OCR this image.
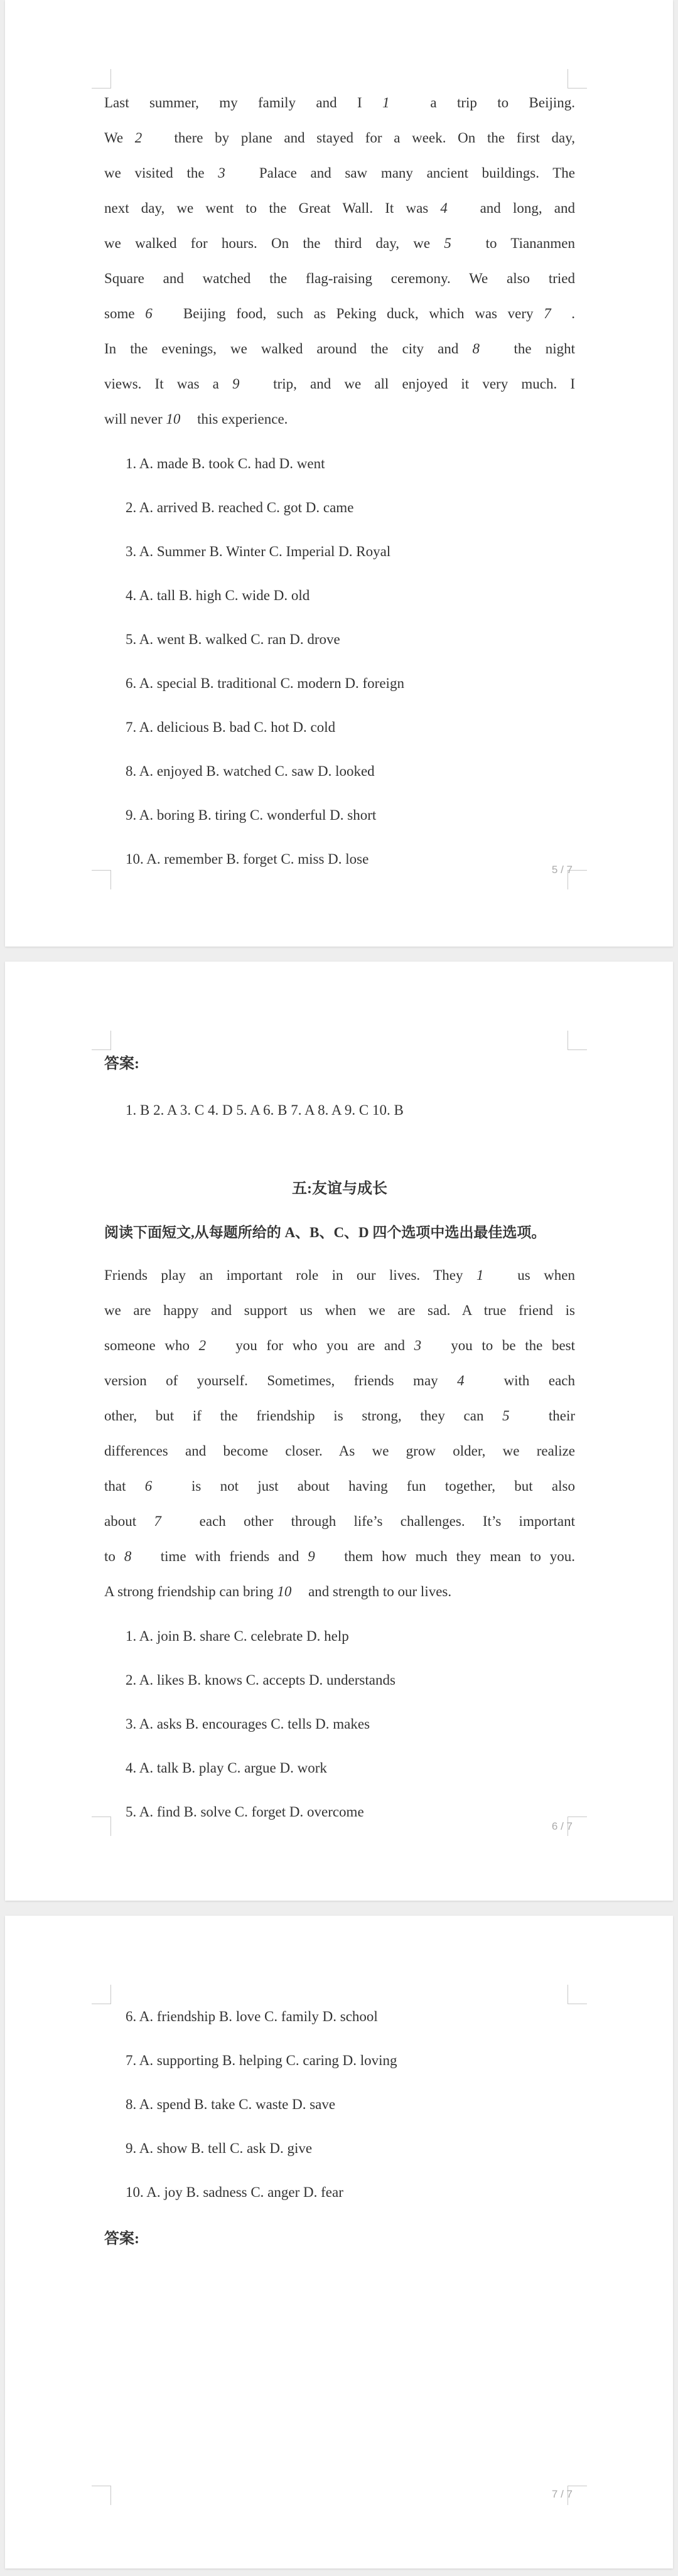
Last summer, my family and I 1 a trip to Beijing.

We 2 there by plane and stayed for a week. On the first day,

we visited the 3 Palace and saw many ancient buildings. The

next day, we went to the Great Wall. It was 4 and long, and

we walked for hours. On the third day, we 5 to Tiananmen

Square and watched the flag-raising ceremony. We also tried

some 6 Beijing food, such as Peking duck, which was very 7 .

In the evenings, we walked around the city and 8 the night

views. It was a 9 trip, and we all enjoyed it very much. I

will never 10 this experience.

1. A. made B. took C. had D. went
2. A. arrived B. reached C. got D. came
3. A. Summer B. Winter C. Imperial D. Royal
4. A. tall B. high C. wide D. old
5. A. went B. walked C. ran D. drove
6. A. special B. traditional C. modern D. foreign
7. A. delicious B. bad C. hot D. cold
8. A. enjoyed B. watched C. saw D. looked
9. A. boring B. tiring C. wonderful D. short
10. A. remember B. forget C. miss D. lose
5 / 7
答案:
1. B 2. A 3. C 4. D 5. A 6. B 7. A 8. A 9. C 10. B
五:友谊与成长
阅读下面短文,从每题所给的 A、B、C、D 四个选项中选出最佳选项。

Friends play an important role in our lives. They 1 us when

we are happy and support us when we are sad. A true friend is

someone who 2 you for who you are and 3 you to be the best

version of yourself. Sometimes, friends may 4 with each

other, but if the friendship is strong, they can 5 their

differences and become closer. As we grow older, we realize

that 6 is not just about having fun together, but also

about 7 each other through life’s challenges. It’s important

to 8 time with friends and 9 them how much they mean to you.

A strong friendship can bring 10 and strength to our lives.

1. A. join B. share C. celebrate D. help
2. A. likes B. knows C. accepts D. understands
3. A. asks B. encourages C. tells D. makes
4. A. talk B. play C. argue D. work
5. A. find B. solve C. forget D. overcome
6 / 7
6. A. friendship B. love C. family D. school
7. A. supporting B. helping C. caring D. loving
8. A. spend B. take C. waste D. save
9. A. show B. tell C. ask D. give
10. A. joy B. sadness C. anger D. fear
答案:
7 / 7
